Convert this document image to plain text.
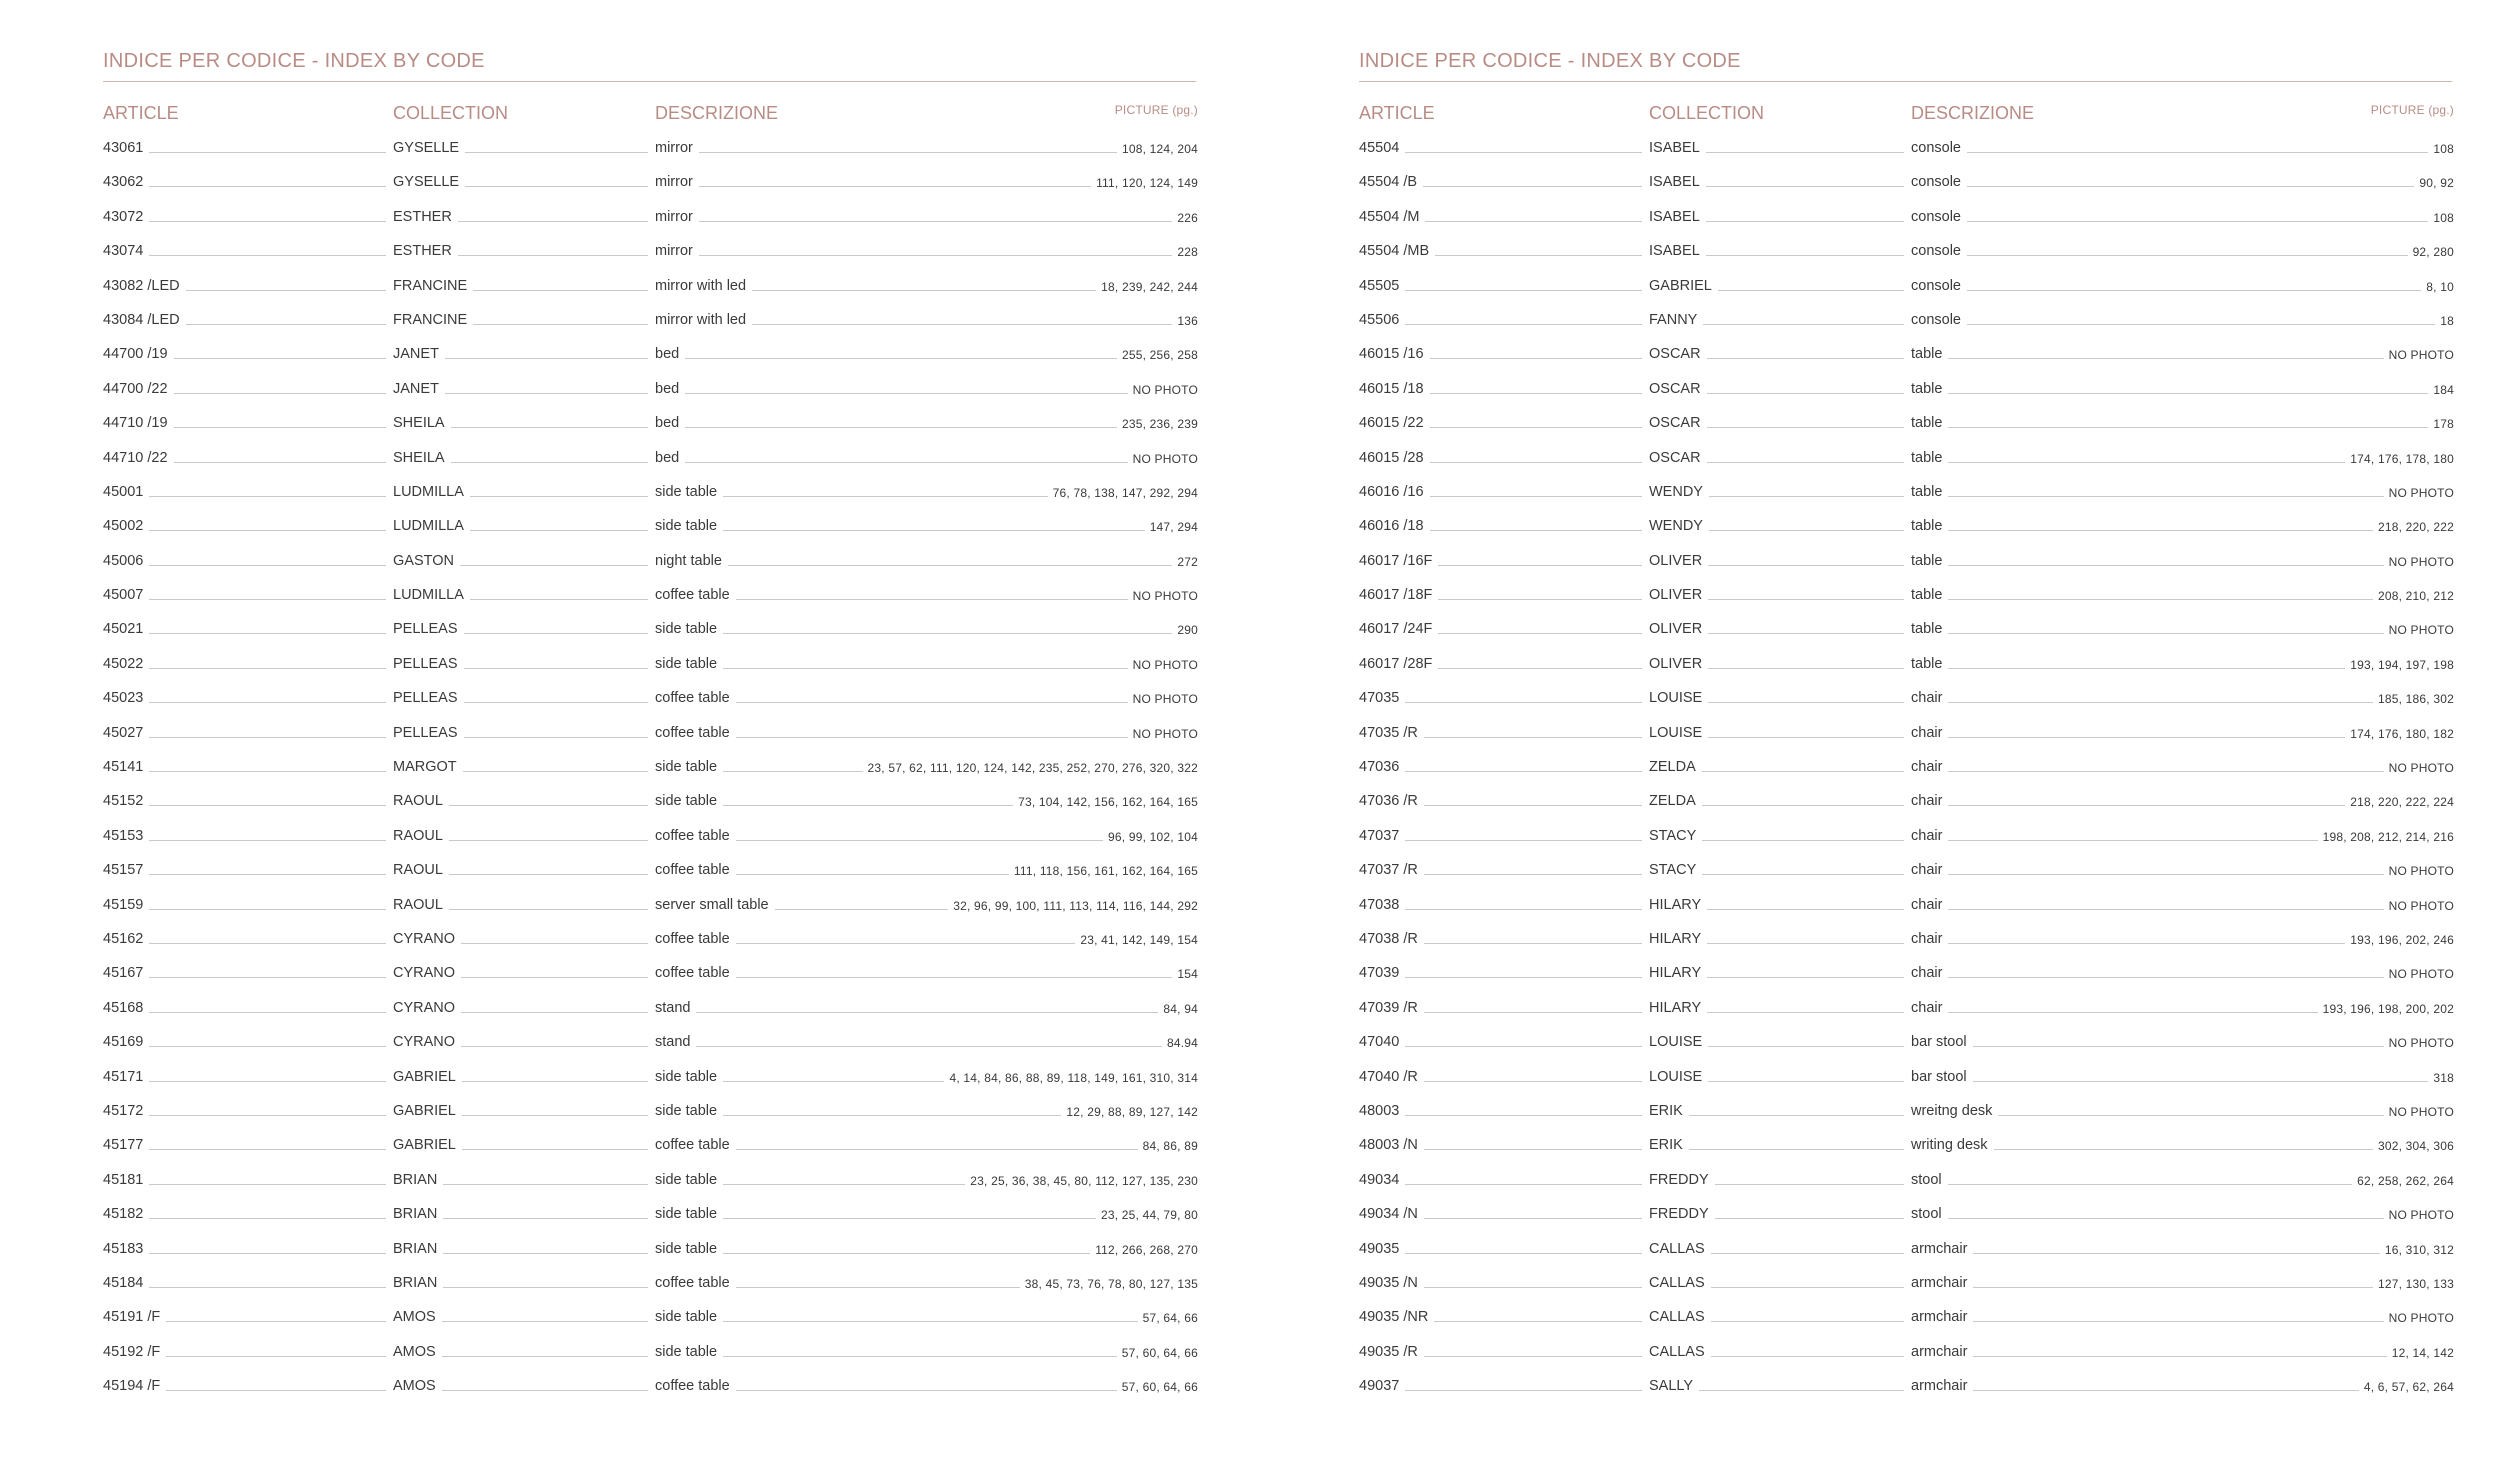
INDICE PER CODICE - INDEX BY CODE
ARTICLE	COLLECTION	DESCRIZIONE	PICTURE (pg.)
43061	GYSELLE	mirror	108, 124, 204
43062	GYSELLE	mirror	111, 120, 124, 149
43072	ESTHER	mirror	226
43074	ESTHER	mirror	228
43082 /LED	FRANCINE	mirror with led	18, 239, 242, 244
43084 /LED	FRANCINE	mirror with led	136
44700 /19	JANET	bed	255, 256, 258
44700 /22	JANET	bed	NO PHOTO
44710 /19	SHEILA	bed	235, 236, 239
44710 /22	SHEILA	bed	NO PHOTO
45001	LUDMILLA	side table	76, 78, 138, 147, 292, 294
45002	LUDMILLA	side table	147, 294
45006	GASTON	night table	272
45007	LUDMILLA	coffee table	NO PHOTO
45021	PELLEAS	side table	290
45022	PELLEAS	side table	NO PHOTO
45023	PELLEAS	coffee table	NO PHOTO
45027	PELLEAS	coffee table	NO PHOTO
45141	MARGOT	side table	23, 57, 62, 111, 120, 124, 142, 235, 252, 270, 276, 320, 322
45152	RAOUL	side table	73, 104, 142, 156, 162, 164, 165
45153	RAOUL	coffee table	96, 99, 102, 104
45157	RAOUL	coffee table	111, 118, 156, 161, 162, 164, 165
45159	RAOUL	server small table	32, 96, 99, 100, 111, 113, 114, 116, 144, 292
45162	CYRANO	coffee table	23, 41, 142, 149, 154
45167	CYRANO	coffee table	154
45168	CYRANO	stand	84, 94
45169	CYRANO	stand	84.94
45171	GABRIEL	side table	4, 14, 84, 86, 88, 89, 118, 149, 161, 310, 314
45172	GABRIEL	side table	12, 29, 88, 89, 127, 142
45177	GABRIEL	coffee table	84, 86, 89
45181	BRIAN	side table	23, 25, 36, 38, 45, 80, 112, 127, 135, 230
45182	BRIAN	side table	23, 25, 44, 79, 80
45183	BRIAN	side table	112, 266, 268, 270
45184	BRIAN	coffee table	38, 45, 73, 76, 78, 80, 127, 135
45191 /F	AMOS	side table	57, 64, 66
45192 /F	AMOS	side table	57, 60, 64, 66
45194 /F	AMOS	coffee table	57, 60, 64, 66
INDICE PER CODICE - INDEX BY CODE
ARTICLE	COLLECTION	DESCRIZIONE	PICTURE (pg.)
45504	ISABEL	console	108
45504 /B	ISABEL	console	90, 92
45504 /M	ISABEL	console	108
45504 /MB	ISABEL	console	92, 280
45505	GABRIEL	console	8, 10
45506	FANNY	console	18
46015 /16	OSCAR	table	NO PHOTO
46015 /18	OSCAR	table	184
46015 /22	OSCAR	table	178
46015 /28	OSCAR	table	174, 176, 178, 180
46016 /16	WENDY	table	NO PHOTO
46016 /18	WENDY	table	218, 220, 222
46017 /16F	OLIVER	table	NO PHOTO
46017 /18F	OLIVER	table	208, 210, 212
46017 /24F	OLIVER	table	NO PHOTO
46017 /28F	OLIVER	table	193, 194, 197, 198
47035	LOUISE	chair	185, 186, 302
47035 /R	LOUISE	chair	174, 176, 180, 182
47036	ZELDA	chair	NO PHOTO
47036 /R	ZELDA	chair	218, 220, 222, 224
47037	STACY	chair	198, 208, 212, 214, 216
47037 /R	STACY	chair	NO PHOTO
47038	HILARY	chair	NO PHOTO
47038 /R	HILARY	chair	193, 196, 202, 246
47039	HILARY	chair	NO PHOTO
47039 /R	HILARY	chair	193, 196, 198, 200, 202
47040	LOUISE	bar stool	NO PHOTO
47040 /R	LOUISE	bar stool	318
48003	ERIK	wreitng desk	NO PHOTO
48003 /N	ERIK	writing desk	302, 304, 306
49034	FREDDY	stool	62, 258, 262, 264
49034 /N	FREDDY	stool	NO PHOTO
49035	CALLAS	armchair	16, 310, 312
49035 /N	CALLAS	armchair	127, 130, 133
49035 /NR	CALLAS	armchair	NO PHOTO
49035 /R	CALLAS	armchair	12, 14, 142
49037	SALLY	armchair	4, 6, 57, 62, 264
